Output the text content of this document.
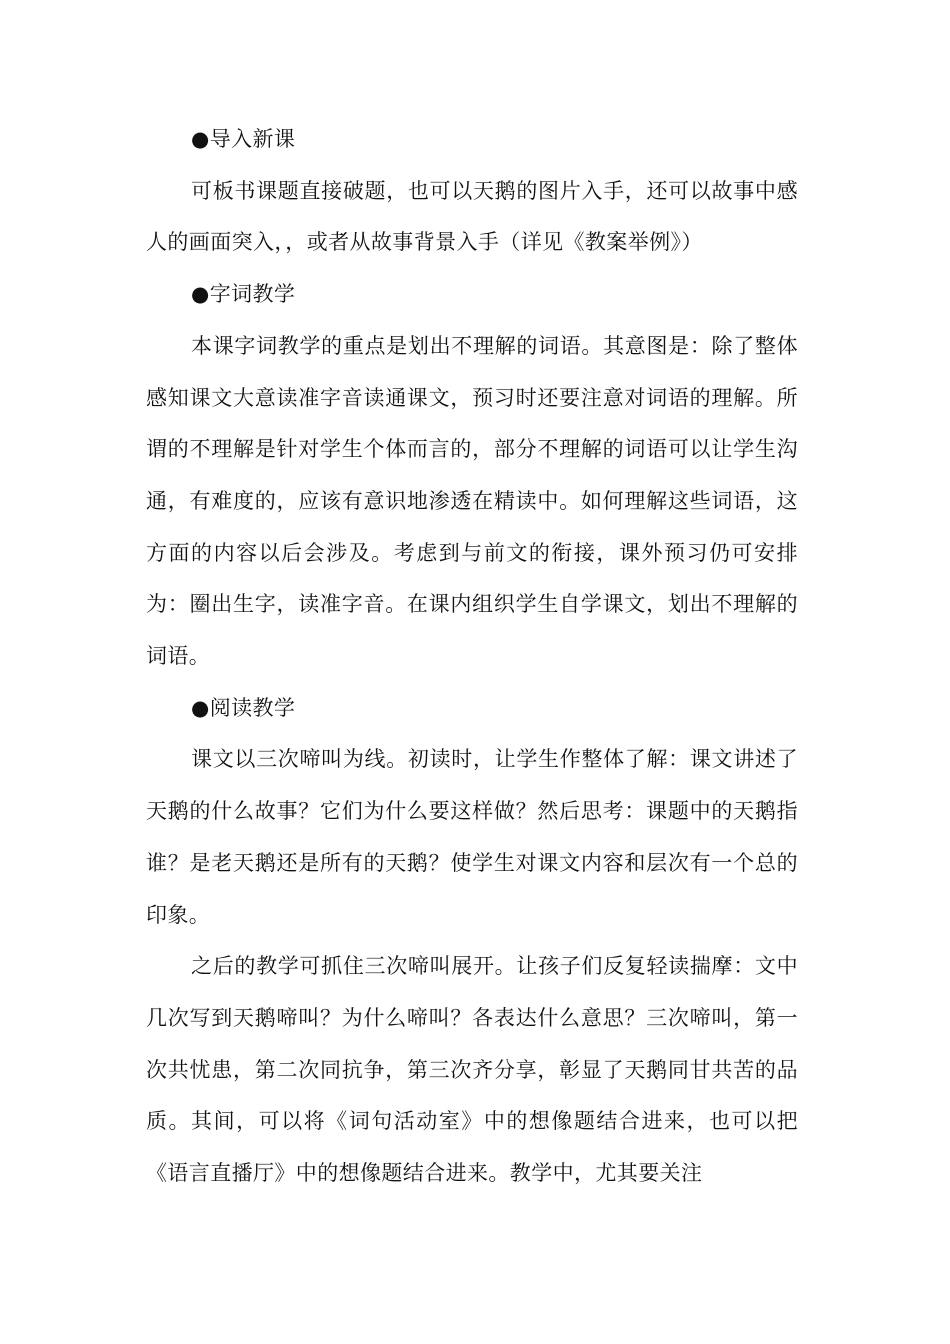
●导入新课

可板书课题直接破题，也可以天鹅的图片入手，还可以故事中感人的画面突入，，或者从故事背景入手（详见《教案举例》）

●字词教学

本课字词教学的重点是划出不理解的词语。其意图是：除了整体感知课文大意读准字音读通课文，预习时还要注意对词语的理解。所谓的不理解是针对学生个体而言的，部分不理解的词语可以让学生沟通，有难度的，应该有意识地渗透在精读中。如何理解这些词语，这方面的内容以后会涉及。考虑到与前文的衔接，课外预习仍可安排为：圈出生字，读准字音。在课内组织学生自学课文，划出不理解的词语。

●阅读教学

课文以三次啼叫为线。初读时，让学生作整体了解：课文讲述了天鹅的什么故事？它们为什么要这样做？然后思考：课题中的天鹅指谁？是老天鹅还是所有的天鹅？使学生对课文内容和层次有一个总的印象。

之后的教学可抓住三次啼叫展开。让孩子们反复轻读揣摩：文中几次写到天鹅啼叫？为什么啼叫？各表达什么意思？三次啼叫，第一次共忧患，第二次同抗争，第三次齐分享，彰显了天鹅同甘共苦的品质。其间，可以将《词句活动室》中的想像题结合进来，也可以把《语言直播厅》中的想像题结合进来。教学中，尤其要关注
